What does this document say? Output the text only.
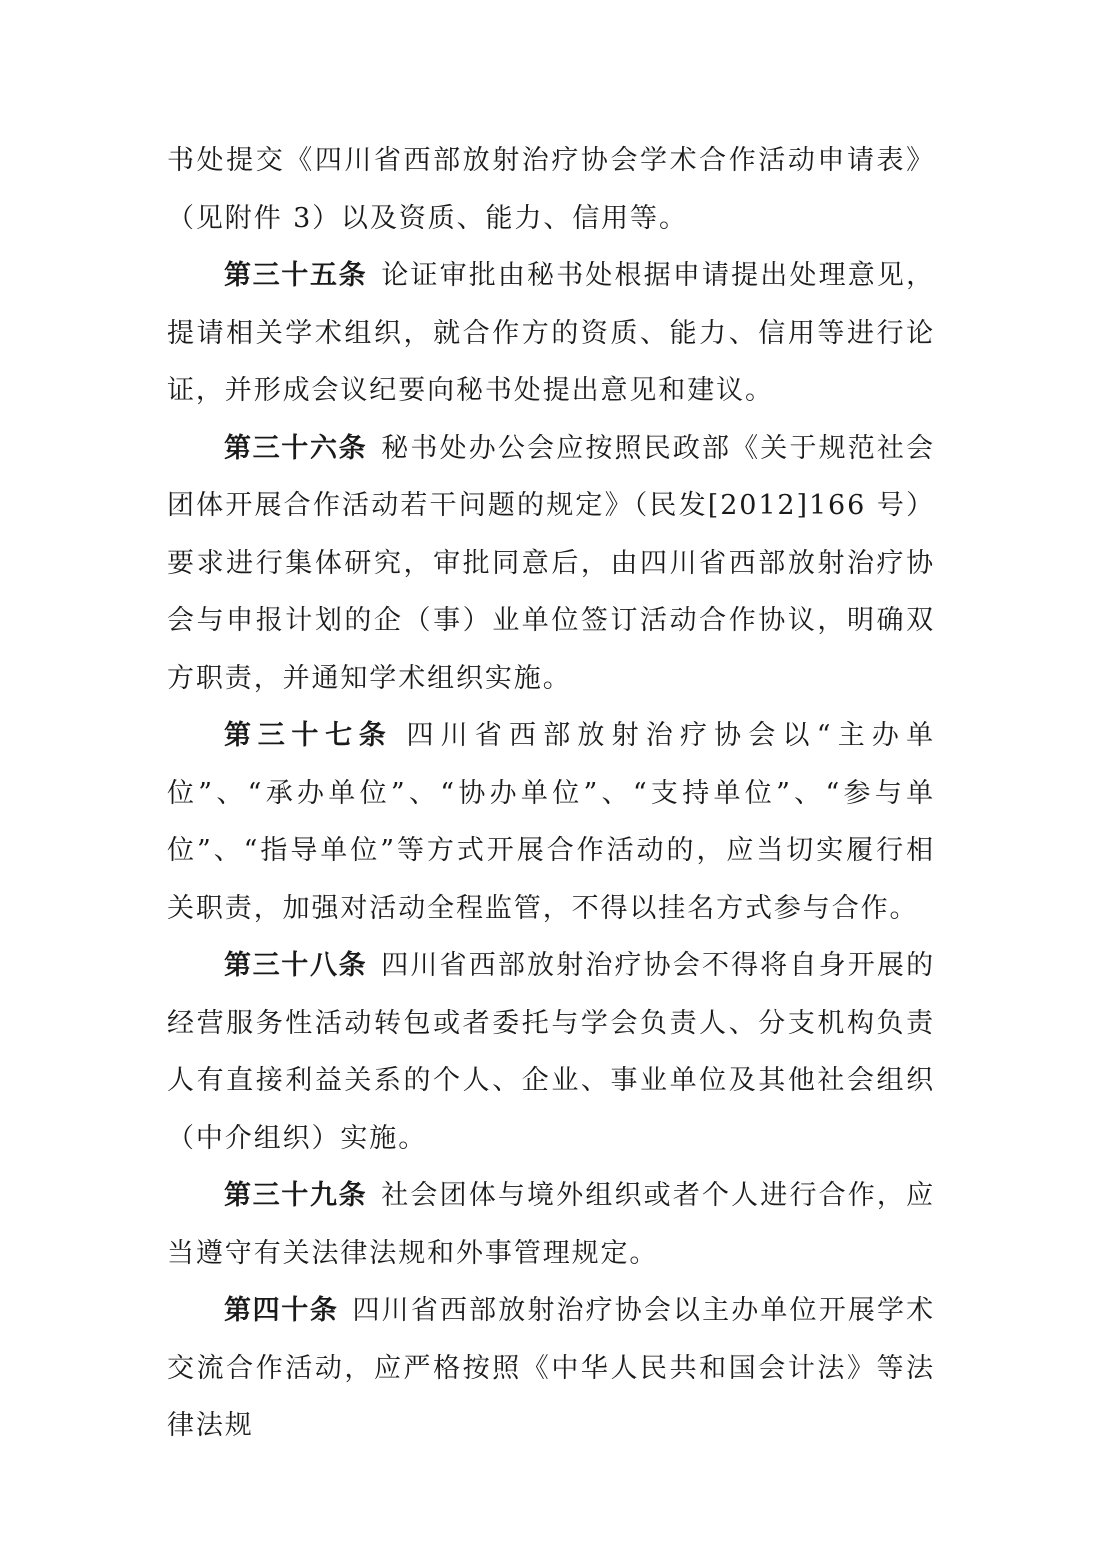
书处提交《四川省西部放射治疗协会学术合作活动申请表》（见附件 3）以及资质、能力、信用等。

第三十五条 论证审批由秘书处根据申请提出处理意见，提请相关学术组织，就合作方的资质、能力、信用等进行论证，并形成会议纪要向秘书处提出意见和建议。

第三十六条 秘书处办公会应按照民政部《关于规范社会团体开展合作活动若干问题的规定》（民发[2012]166 号）要求进行集体研究，审批同意后，由四川省西部放射治疗协会与申报计划的企（事）业单位签订活动合作协议，明确双方职责，并通知学术组织实施。

第三十七条 四川省西部放射治疗协会以“主办单位”、“承办单位”、“协办单位”、“支持单位”、“参与单位”、“指导单位”等方式开展合作活动的，应当切实履行相关职责，加强对活动全程监管，不得以挂名方式参与合作。

第三十八条 四川省西部放射治疗协会不得将自身开展的经营服务性活动转包或者委托与学会负责人、分支机构负责人有直接利益关系的个人、企业、事业单位及其他社会组织（中介组织）实施。

第三十九条 社会团体与境外组织或者个人进行合作，应当遵守有关法律法规和外事管理规定。

第四十条 四川省西部放射治疗协会以主办单位开展学术交流合作活动，应严格按照《中华人民共和国会计法》等法律法规
